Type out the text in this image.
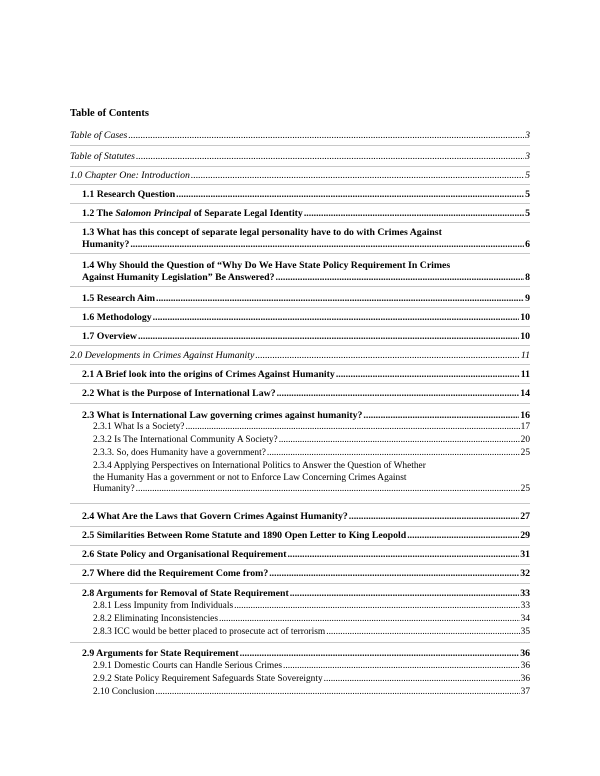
Table of Contents
Table of Cases .....	3
Table of Statutes .....	3
1.0 Chapter One: Introduction .....	5
1.1 Research Question .....	5
1.2 The Salomon Principal of Separate Legal Identity .....	5
1.3 What has this concept of separate legal personality have to do with Crimes Against
Humanity? .....	6
1.4 Why Should the Question of “Why Do We Have State Policy Requirement In Crimes
Against Humanity Legislation” Be Answered? .....	8
1.5 Research Aim .....	9
1.6 Methodology .....	10
1.7 Overview .....	10
2.0 Developments in Crimes Against Humanity .....	11
2.1 A Brief look into the origins of Crimes Against Humanity .....	11
2.2 What is the Purpose of International Law? .....	14
2.3 What is International Law governing crimes against humanity? .....	16
2.3.1 What Is a Society? .....	17
2.3.2 Is The International Community A Society? .....	20
2.3.3. So, does Humanity have a government? .....	25
2.3.4 Applying Perspectives on International Politics to Answer the Question of Whether
the Humanity Has a government or not to Enforce Law Concerning Crimes Against
Humanity? .....	25
2.4 What Are the Laws that Govern Crimes Against Humanity? .....	27
2.5 Similarities Between Rome Statute and 1890 Open Letter to King Leopold .....	29
2.6 State Policy and Organisational Requirement .....	31
2.7 Where did the Requirement Come from? .....	32
2.8 Arguments for Removal of State Requirement .....	33
2.8.1 Less Impunity from Individuals .....	33
2.8.2 Eliminating Inconsistencies .....	34
2.8.3 ICC would be better placed to prosecute act of terrorism .....	35
2.9 Arguments for State Requirement .....	36
2.9.1 Domestic Courts can Handle Serious Crimes .....	36
2.9.2 State Policy Requirement Safeguards State Sovereignty .....	36
2.10 Conclusion .....	37
